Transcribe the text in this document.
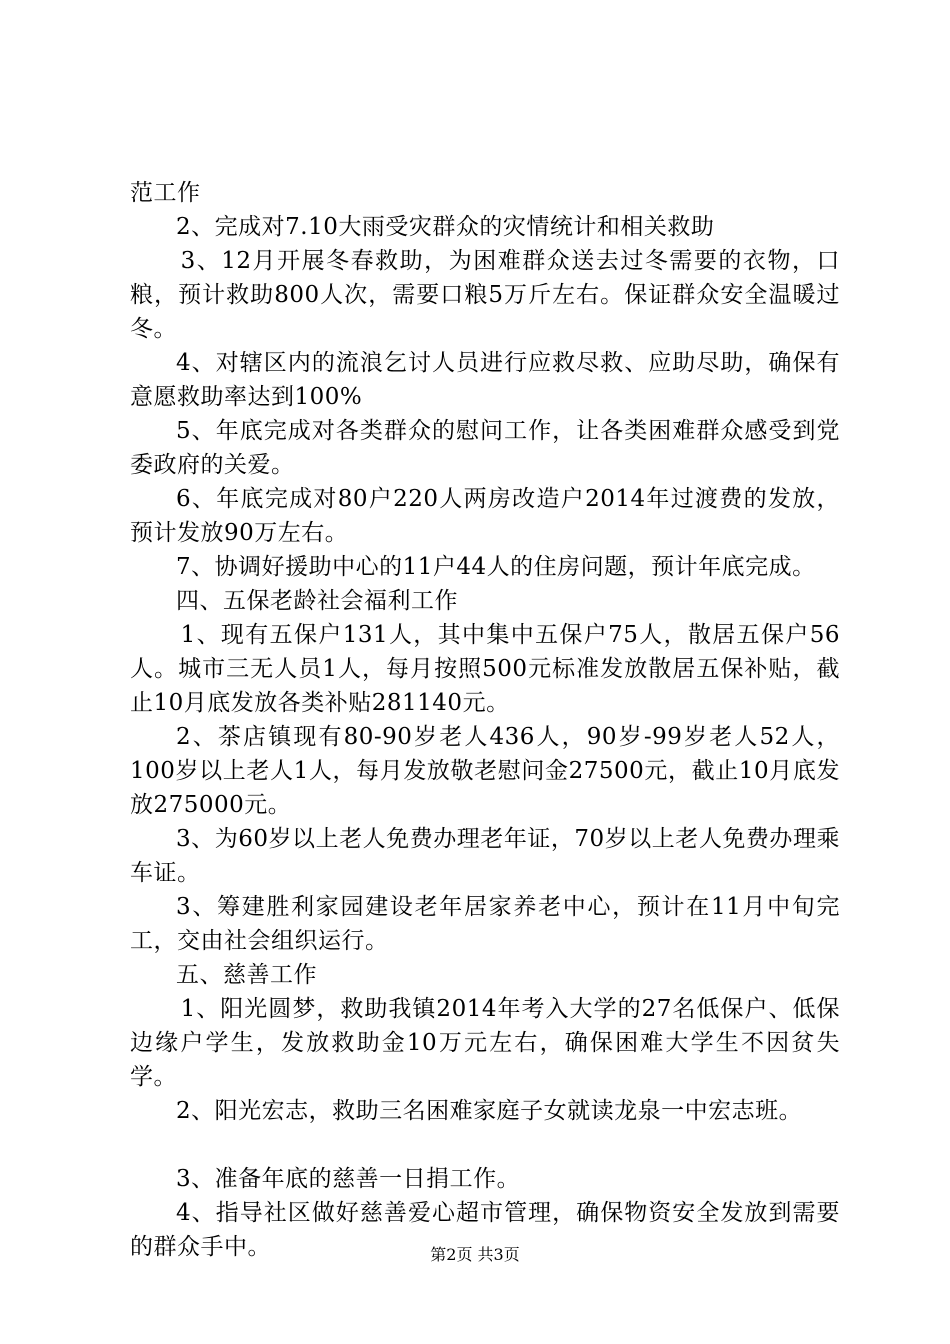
范工作

2、完成对7.10大雨受灾群众的灾情统计和相关救助

3、12月开展冬春救助，为困难群众送去过冬需要的衣物，口粮，预计救助800人次，需要口粮5万斤左右。保证群众安全温暖过冬。

4、对辖区内的流浪乞讨人员进行应救尽救、应助尽助，确保有意愿救助率达到100%

5、年底完成对各类群众的慰问工作，让各类困难群众感受到党委政府的关爱。

6、年底完成对80户220人两房改造户2014年过渡费的发放，预计发放90万左右。

7、协调好援助中心的11户44人的住房问题，预计年底完成。

四、五保老龄社会福利工作

1、现有五保户131人，其中集中五保户75人，散居五保户56人。城市三无人员1人，每月按照500元标准发放散居五保补贴，截止10月底发放各类补贴281140元。

2、茶店镇现有80-90岁老人436人，90岁-99岁老人52人，100岁以上老人1人，每月发放敬老慰问金27500元，截止10月底发放275000元。

3、为60岁以上老人免费办理老年证，70岁以上老人免费办理乘车证。

3、筹建胜利家园建设老年居家养老中心，预计在11月中旬完工，交由社会组织运行。

五、慈善工作

1、阳光圆梦，救助我镇2014年考入大学的27名低保户、低保边缘户学生，发放救助金10万元左右，确保困难大学生不因贫失学。

2、阳光宏志，救助三名困难家庭子女就读龙泉一中宏志班。

3、准备年底的慈善一日捐工作。

4、指导社区做好慈善爱心超市管理，确保物资安全发放到需要的群众手中。	第2页 共3页
